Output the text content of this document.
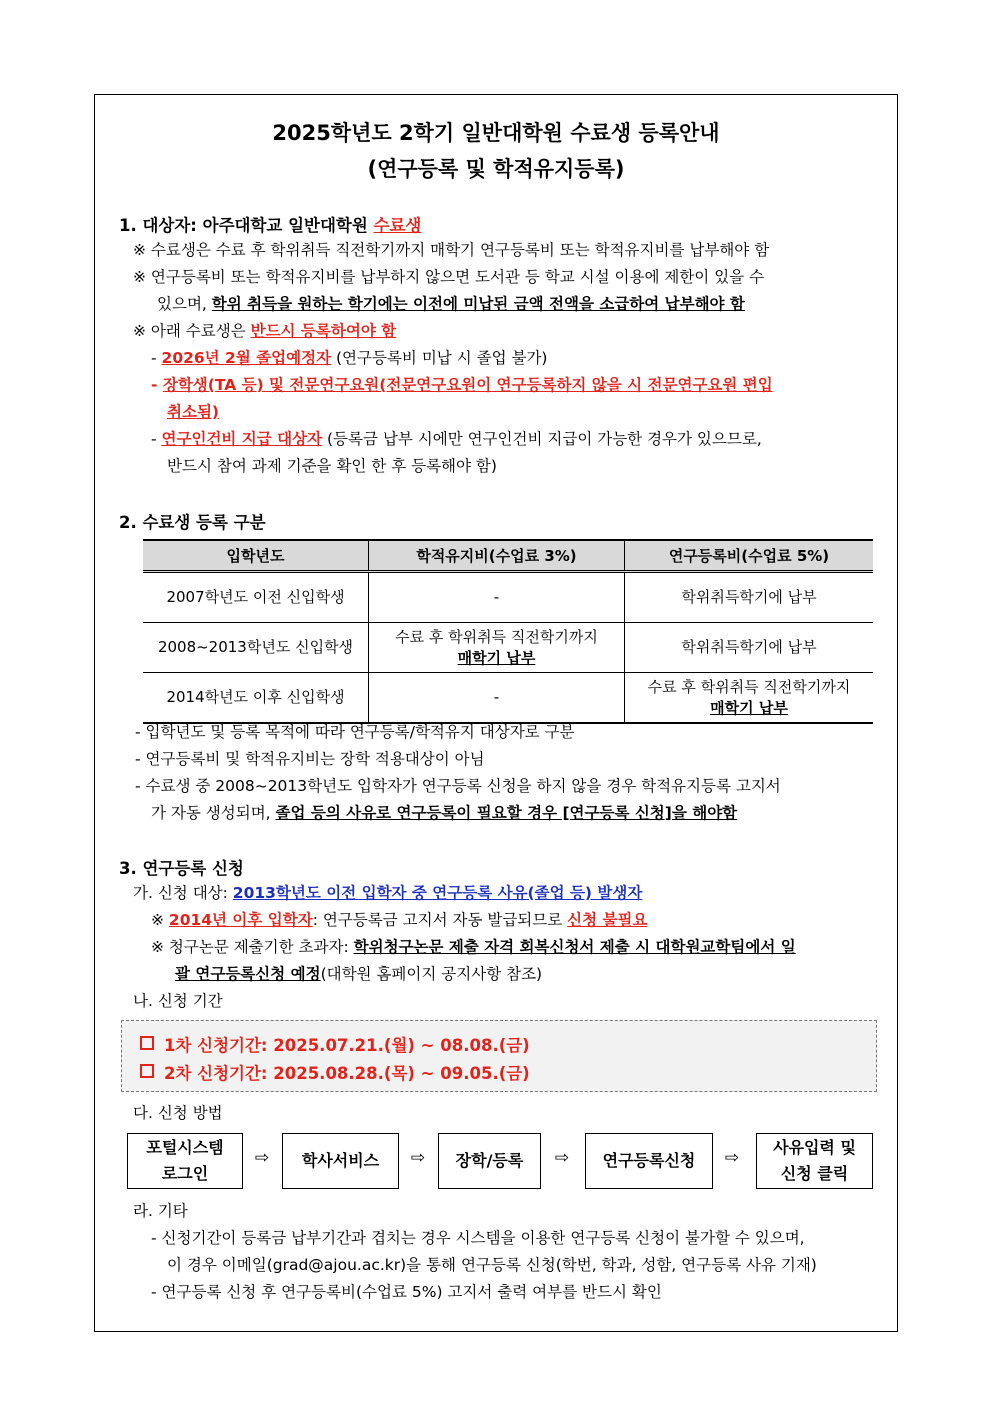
2025학년도 2학기 일반대학원 수료생 등록안내
(연구등록 및 학적유지등록)
1. 대상자: 아주대학교 일반대학원 수료생
※ 수료생은 수료 후 학위취득 직전학기까지 매학기 연구등록비 또는 학적유지비를 납부해야 함
※ 연구등록비 또는 학적유지비를 납부하지 않으면 도서관 등 학교 시설 이용에 제한이 있을 수
있으며, 학위 취득을 원하는 학기에는 이전에 미납된 금액 전액을 소급하여 납부해야 함
※ 아래 수료생은 반드시 등록하여야 함
- 2026년 2월 졸업예정자 (연구등록비 미납 시 졸업 불가)
- 장학생(TA 등) 및 전문연구요원(전문연구요원이 연구등록하지 않을 시 전문연구요원 편입
취소됨)
- 연구인건비 지급 대상자 (등록금 납부 시에만 연구인건비 지급이 가능한 경우가 있으므로,
반드시 참여 과제 기준을 확인 한 후 등록해야 함)
2. 수료생 등록 구분
입학년도	학적유지비(수업료 3%)	연구등록비(수업료 5%)
2007학년도 이전 신입학생	-	학위취득학기에 납부
2008~2013학년도 신입학생	수료 후 학위취득 직전학기까지
매학기 납부	학위취득학기에 납부
2014학년도 이후 신입학생	-	수료 후 학위취득 직전학기까지
매학기 납부
- 입학년도 및 등록 목적에 따라 연구등록/학적유지 대상자로 구분
- 연구등록비 및 학적유지비는 장학 적용대상이 아님
- 수료생 중 2008~2013학년도 입학자가 연구등록 신청을 하지 않을 경우 학적유지등록 고지서
가 자동 생성되며, 졸업 등의 사유로 연구등록이 필요할 경우 [연구등록 신청]을 해야함
3. 연구등록 신청
가. 신청 대상: 2013학년도 이전 입학자 중 연구등록 사유(졸업 등) 발생자
※ 2014년 이후 입학자: 연구등록금 고지서 자동 발급되므로 신청 불필요
※ 청구논문 제출기한 초과자: 학위청구논문 제출 자격 회복신청서 제출 시 대학원교학팀에서 일
괄 연구등록신청 예정(대학원 홈페이지 공지사항 참조)
나. 신청 기간
1차 신청기간: 2025.07.21.(월) ~ 08.08.(금)
2차 신청기간: 2025.08.28.(목) ~ 09.05.(금)
다. 신청 방법
포털시스템
로그인
⇨ 학사서비스 ⇨ 장학/등록 ⇨ 연구등록신청 ⇨
사유입력 및
신청 클릭
라. 기타
- 신청기간이 등록금 납부기간과 겹치는 경우 시스템을 이용한 연구등록 신청이 불가할 수 있으며,
이 경우 이메일(grad@ajou.ac.kr)을 통해 연구등록 신청(학번, 학과, 성함, 연구등록 사유 기재)
- 연구등록 신청 후 연구등록비(수업료 5%) 고지서 출력 여부를 반드시 확인
